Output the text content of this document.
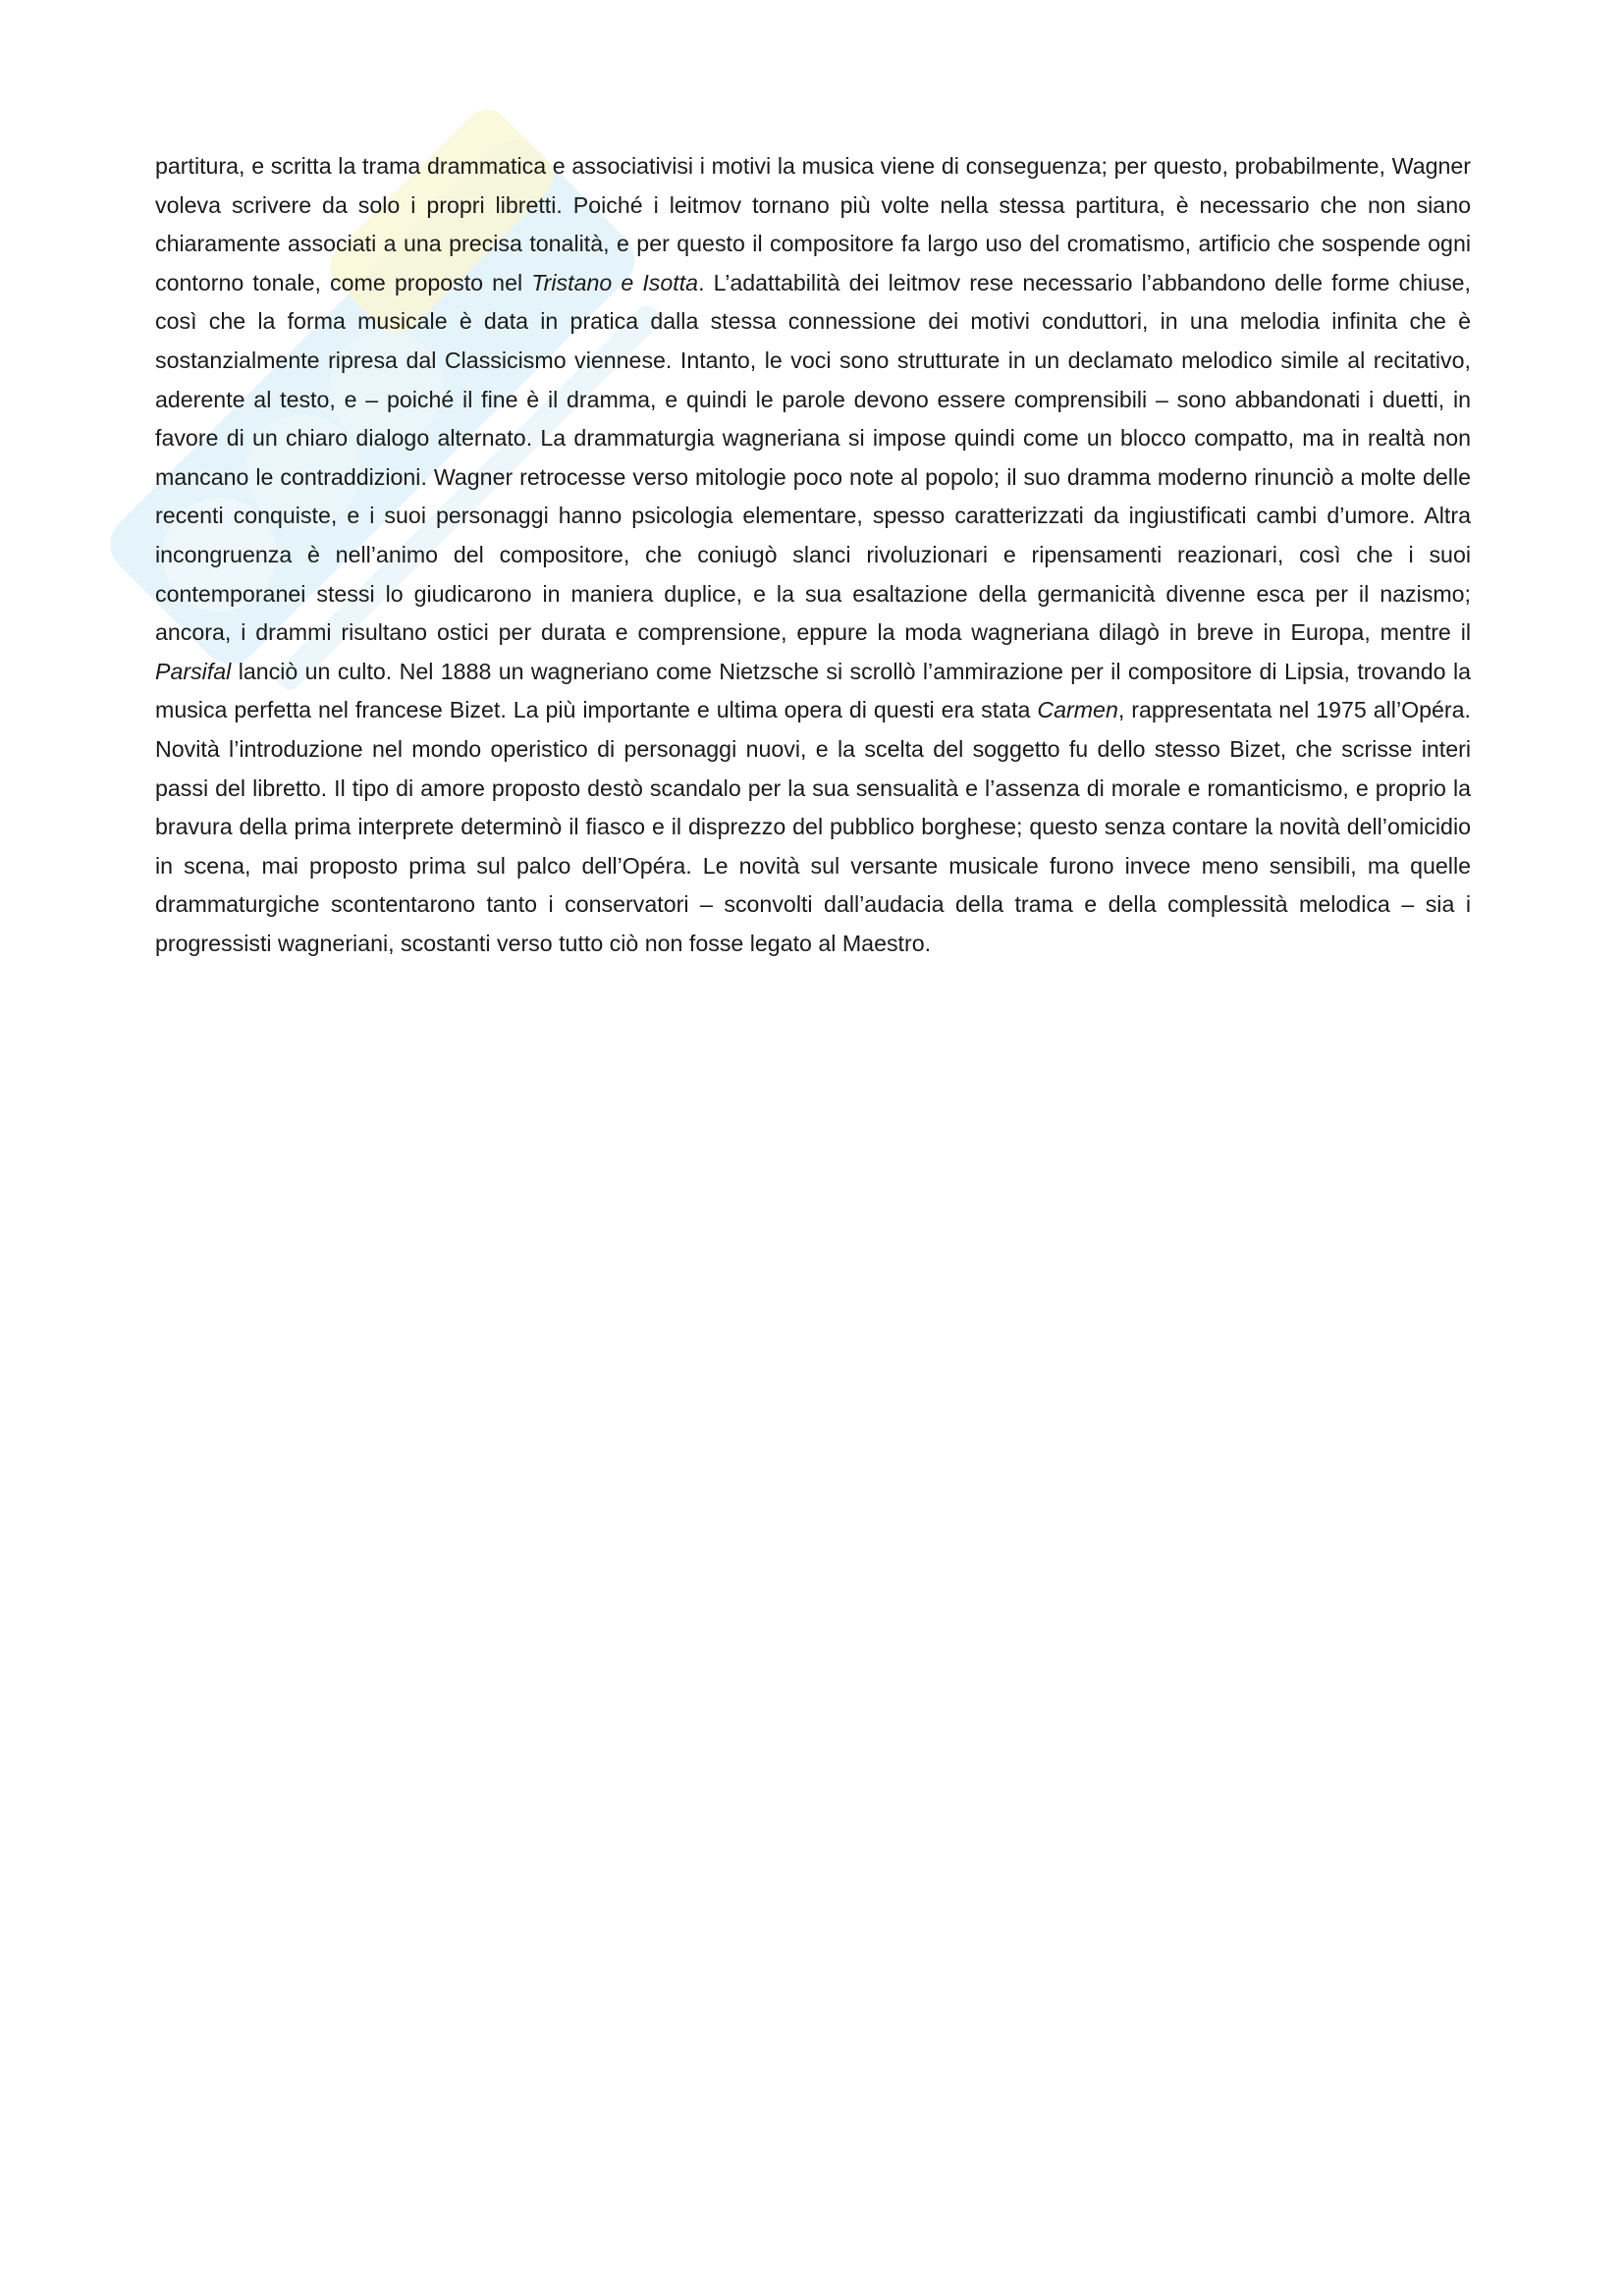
partitura, e scritta la trama drammatica e associativisi i motivi la musica viene di conseguenza; per questo, probabilmente, Wagner voleva scrivere da solo i propri libretti. Poiché i leitmov tornano più volte nella stessa partitura, è necessario che non siano chiaramente associati a una precisa tonalità, e per questo il compositore fa largo uso del cromatismo, artificio che sospende ogni contorno tonale, come proposto nel Tristano e Isotta. L’adattabilità dei leitmov rese necessario l’abbandono delle forme chiuse, così che la forma musicale è data in pratica dalla stessa connessione dei motivi conduttori, in una melodia infinita che è sostanzialmente ripresa dal Classicismo viennese. Intanto, le voci sono strutturate in un declamato melodico simile al recitativo, aderente al testo, e – poiché il fine è il dramma, e quindi le parole devono essere comprensibili – sono abbandonati i duetti, in favore di un chiaro dialogo alternato. La drammaturgia wagneriana si impose quindi come un blocco compatto, ma in realtà non mancano le contraddizioni. Wagner retrocesse verso mitologie poco note al popolo; il suo dramma moderno rinunciò a molte delle recenti conquiste, e i suoi personaggi hanno psicologia elementare, spesso caratterizzati da ingiustificati cambi d’umore. Altra incongruenza è nell’animo del compositore, che coniugò slanci rivoluzionari e ripensamenti reazionari, così che i suoi contemporanei stessi lo giudicarono in maniera duplice, e la sua esaltazione della germanicità divenne esca per il nazismo; ancora, i drammi risultano ostici per durata e comprensione, eppure la moda wagneriana dilagò in breve in Europa, mentre il Parsifal lanciò un culto. Nel 1888 un wagneriano come Nietzsche si scrollò l’ammirazione per il compositore di Lipsia, trovando la musica perfetta nel francese Bizet. La più importante e ultima opera di questi era stata Carmen, rappresentata nel 1975 all’Opéra. Novità l’introduzione nel mondo operistico di personaggi nuovi, e la scelta del soggetto fu dello stesso Bizet, che scrisse interi passi del libretto. Il tipo di amore proposto destò scandalo per la sua sensualità e l’assenza di morale e romanticismo, e proprio la bravura della prima interprete determinò il fiasco e il disprezzo del pubblico borghese; questo senza contare la novità dell’omicidio in scena, mai proposto prima sul palco dell’Opéra. Le novità sul versante musicale furono invece meno sensibili, ma quelle drammaturgiche scontentarono tanto i conservatori – sconvolti dall’audacia della trama e della complessità melodica – sia i progressisti wagneriani, scostanti verso tutto ciò non fosse legato al Maestro.
